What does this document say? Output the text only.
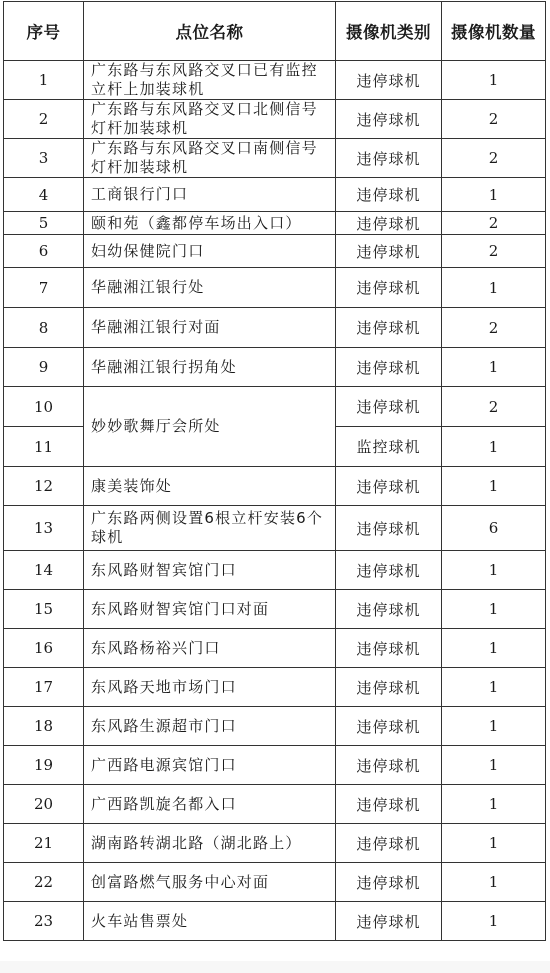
序号	点位名称	摄像机类别	摄像机数量
1	广东路与东风路交叉口已有监控立杆上加装球机	违停球机	1
2	广东路与东风路交叉口北侧信号灯杆加装球机	违停球机	2
3	广东路与东风路交叉口南侧信号灯杆加装球机	违停球机	2
4	工商银行门口	违停球机	1
5	颐和苑（鑫都停车场出入口）	违停球机	2
6	妇幼保健院门口	违停球机	2
7	华融湘江银行处	违停球机	1
8	华融湘江银行对面	违停球机	2
9	华融湘江银行拐角处	违停球机	1
10	妙妙歌舞厅会所处	违停球机	2
11		监控球机	1
12	康美装饰处	违停球机	1
13	广东路两侧设置6根立杆安装6个球机	违停球机	6
14	东风路财智宾馆门口	违停球机	1
15	东风路财智宾馆门口对面	违停球机	1
16	东风路杨裕兴门口	违停球机	1
17	东风路天地市场门口	违停球机	1
18	东风路生源超市门口	违停球机	1
19	广西路电源宾馆门口	违停球机	1
20	广西路凯旋名都入口	违停球机	1
21	湖南路转湖北路（湖北路上）	违停球机	1
22	创富路燃气服务中心对面	违停球机	1
23	火车站售票处	违停球机	1
